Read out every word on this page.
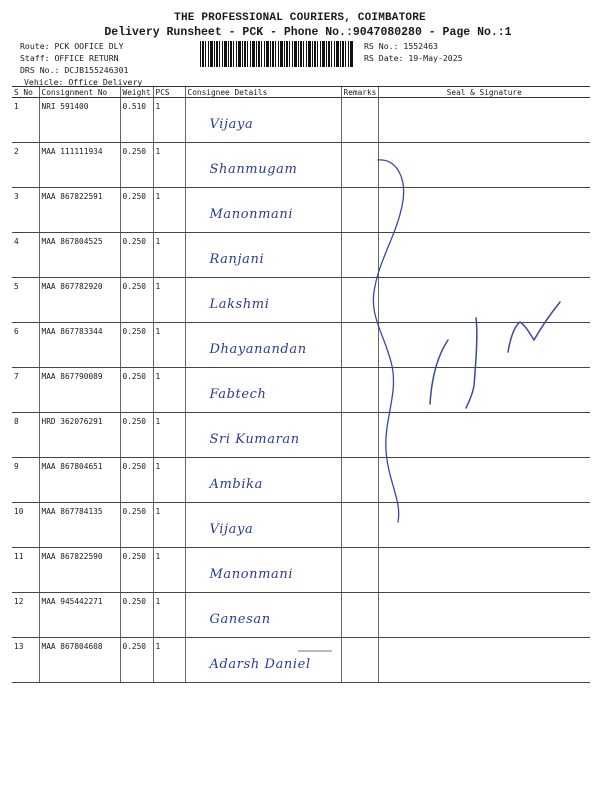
THE PROFESSIONAL COURIERS, COIMBATORE
Delivery Runsheet - PCK - Phone No.:9047080280 - Page No.:1
Route: PCK OOFICE DLY
Staff: OFFICE RETURN
DRS No.: DCJB155246301
Vehicle: Office Delivery
RS No.: 1552463
RS Date: 19-May-2025
S No	Consignment No	Weight	PCS	Consignee Details	Remarks	Seal & Signature
1	NRI 591400	0.510	1	Vijaya		
2	MAA 111111934	0.250	1	Shanmugam		
3	MAA 867822591	0.250	1	Manonmani		
4	MAA 867804525	0.250	1	Ranjani		
5	MAA 867782920	0.250	1	Lakshmi		
6	MAA 867783344	0.250	1	Dhayanandan		
7	MAA 867790089	0.250	1	Fabtech		
8	HRD 362076291	0.250	1	Sri Kumaran		
9	MAA 867804651	0.250	1	Ambika		
10	MAA 867784135	0.250	1	Vijaya		
11	MAA 867822590	0.250	1	Manonmani		
12	MAA 945442271	0.250	1	Ganesan		
13	MAA 867804608	0.250	1	Adarsh Daniel		
